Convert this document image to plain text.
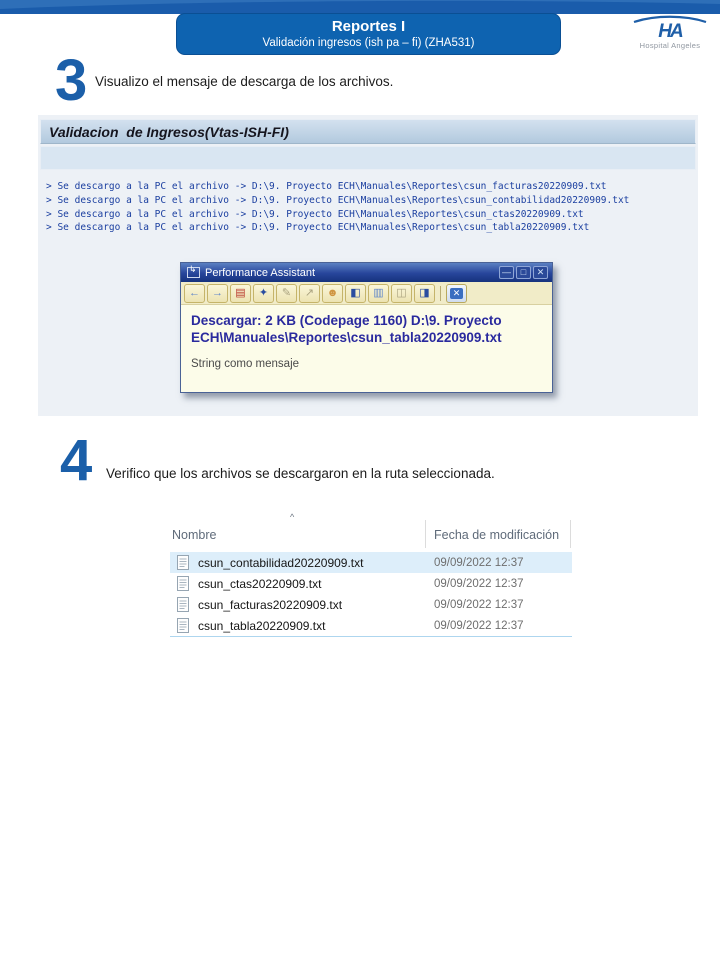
Reportes I
Validación ingresos (ish pa – fi) (ZHA531)
HA
Hospital Angeles
3 Visualizo el mensaje de descarga de los archivos.
Validacion  de Ingresos(Vtas-ISH-FI)
> Se descargo a la PC el archivo -> D:\9. Proyecto ECH\Manuales\Reportes\csun_facturas20220909.txt
> Se descargo a la PC el archivo -> D:\9. Proyecto ECH\Manuales\Reportes\csun_contabilidad20220909.txt
> Se descargo a la PC el archivo -> D:\9. Proyecto ECH\Manuales\Reportes\csun_ctas20220909.txt
> Se descargo a la PC el archivo -> D:\9. Proyecto ECH\Manuales\Reportes\csun_tabla20220909.txt
↳
Performance Assistant	—	□	✕
← → ▤ ✦ ✎ ↗ ☻ ◧ ▥ ◫ ◨	✕
Descargar: 2 KB (Codepage 1160) D:\9. Proyecto ECH\Manuales\Reportes\csun_tabla20220909.txt
String como mensaje
4 Verifico que los archivos se descargaron en la ruta seleccionada.
^
Nombre	Fecha de modificación
csun_contabilidad20220909.txt	09/09/2022 12:37
csun_ctas20220909.txt	09/09/2022 12:37
csun_facturas20220909.txt	09/09/2022 12:37
csun_tabla20220909.txt	09/09/2022 12:37
